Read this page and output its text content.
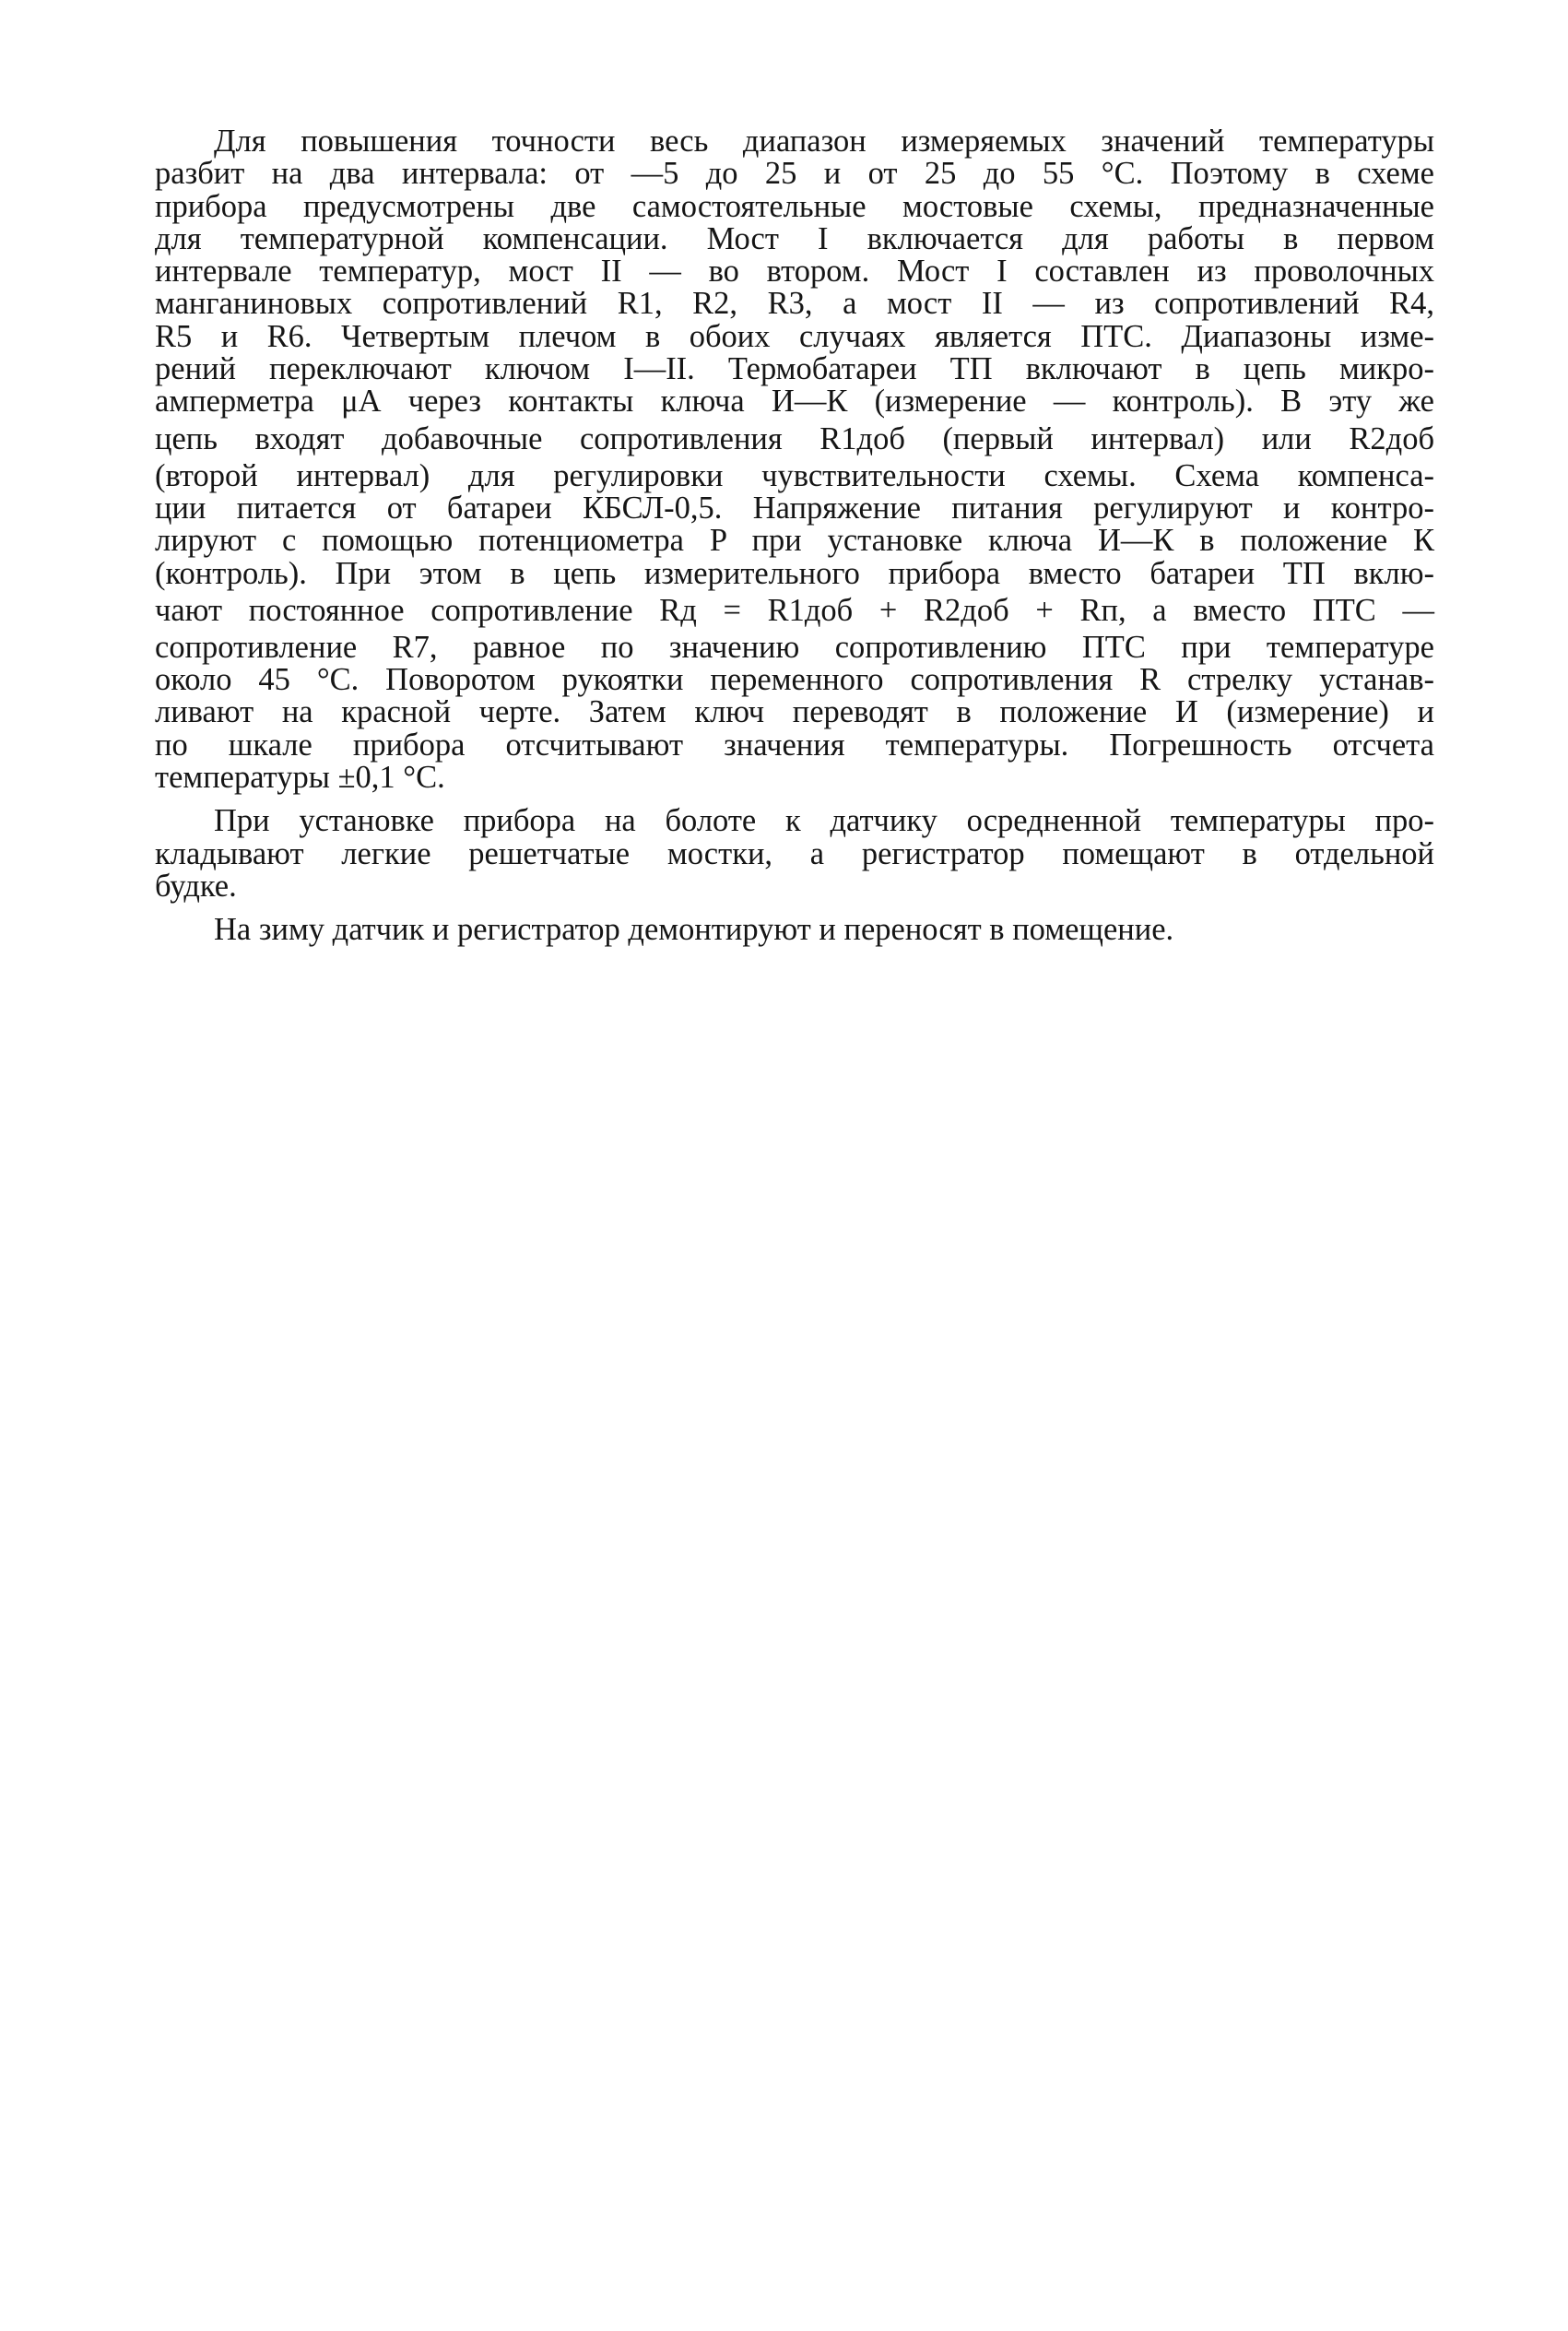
Для повышения точности весь диапазон измеряемых значений температуры
разбит на два интервала: от —5 до 25 и от 25 до 55 °С. Поэтому в схеме
прибора предусмотрены две самостоятельные мостовые схемы, предназначенные
для температурной компенсации. Мост I включается для работы в первом
интервале температур, мост II — во втором. Мост I составлен из проволочных
манганиновых сопротивлений R1, R2, R3, а мост II — из сопротивлений R4,
R5 и R6. Четвертым плечом в обоих случаях является ПТС. Диапазоны изме-
рений переключают ключом I—II. Термобатареи ТП включают в цепь микро-
амперметра μА через контакты ключа И—К (измерение — контроль). В эту же
цепь входят добавочные сопротивления R1доб (первый интервал) или R2доб
(второй интервал) для регулировки чувствительности схемы. Схема компенса-
ции питается от батареи КБСЛ-0,5. Напряжение питания регулируют и контро-
лируют с помощью потенциометра P при установке ключа И—К в положение К
(контроль). При этом в цепь измерительного прибора вместо батареи ТП вклю-
чают постоянное сопротивление Rд = R1доб + R2доб + Rп, а вместо ПТС —
сопротивление R7, равное по значению сопротивлению ПТС при температуре
около 45 °С. Поворотом рукоятки переменного сопротивления R стрелку устанав-
ливают на красной черте. Затем ключ переводят в положение И (измерение) и
по шкале прибора отсчитывают значения температуры. Погрешность отсчета
температуры ±0,1 °С.
При установке прибора на болоте к датчику осредненной температуры про-
кладывают легкие решетчатые мостки, а регистратор помещают в отдельной
будке.
На зиму датчик и регистратор демонтируют и переносят в помещение.
